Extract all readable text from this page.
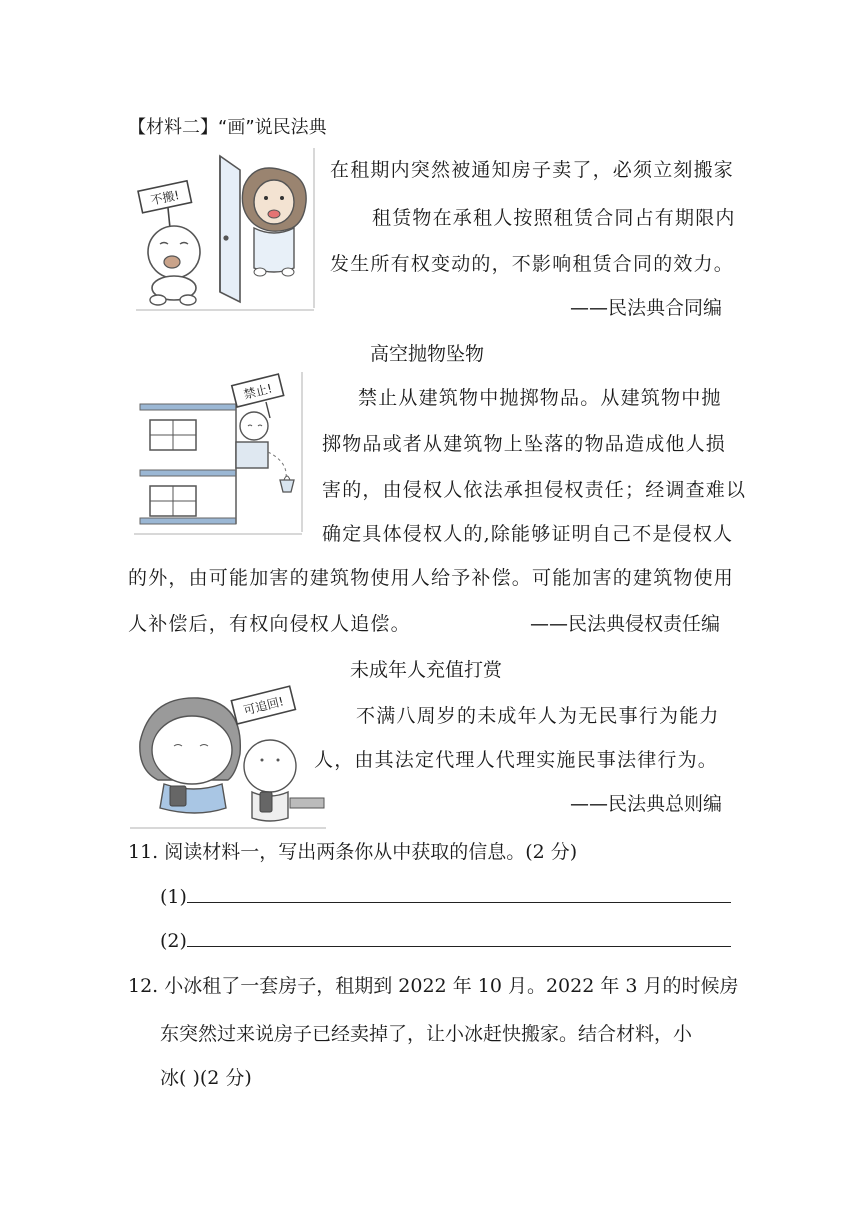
【材料二】“画”说民法典
不搬!
在租期内突然被通知房子卖了，必须立刻搬家
租赁物在承租人按照租赁合同占有期限内
发生所有权变动的，不影响租赁合同的效力。
——民法典合同编
高空抛物坠物
禁止!	禁止从建筑物中抛掷物品。从建筑物中抛
掷物品或者从建筑物上坠落的物品造成他人损
害的，由侵权人依法承担侵权责任；经调查难以
确定具体侵权人的,除能够证明自己不是侵权人
的外，由可能加害的建筑物使用人给予补偿。可能加害的建筑物使用
人补偿后，有权向侵权人追偿。	——民法典侵权责任编
未成年人充值打赏
可追回!	不满八周岁的未成年人为无民事行为能力
人，由其法定代理人代理实施民事法律行为。
——民法典总则编
11. 阅读材料一，写出两条你从中获取的信息。(2 分)
(1)
(2)
12. 小冰租了一套房子，租期到 2022 年 10 月。2022 年 3 月的时候房
东突然过来说房子已经卖掉了，让小冰赶快搬家。结合材料，小
冰( )(2 分)
